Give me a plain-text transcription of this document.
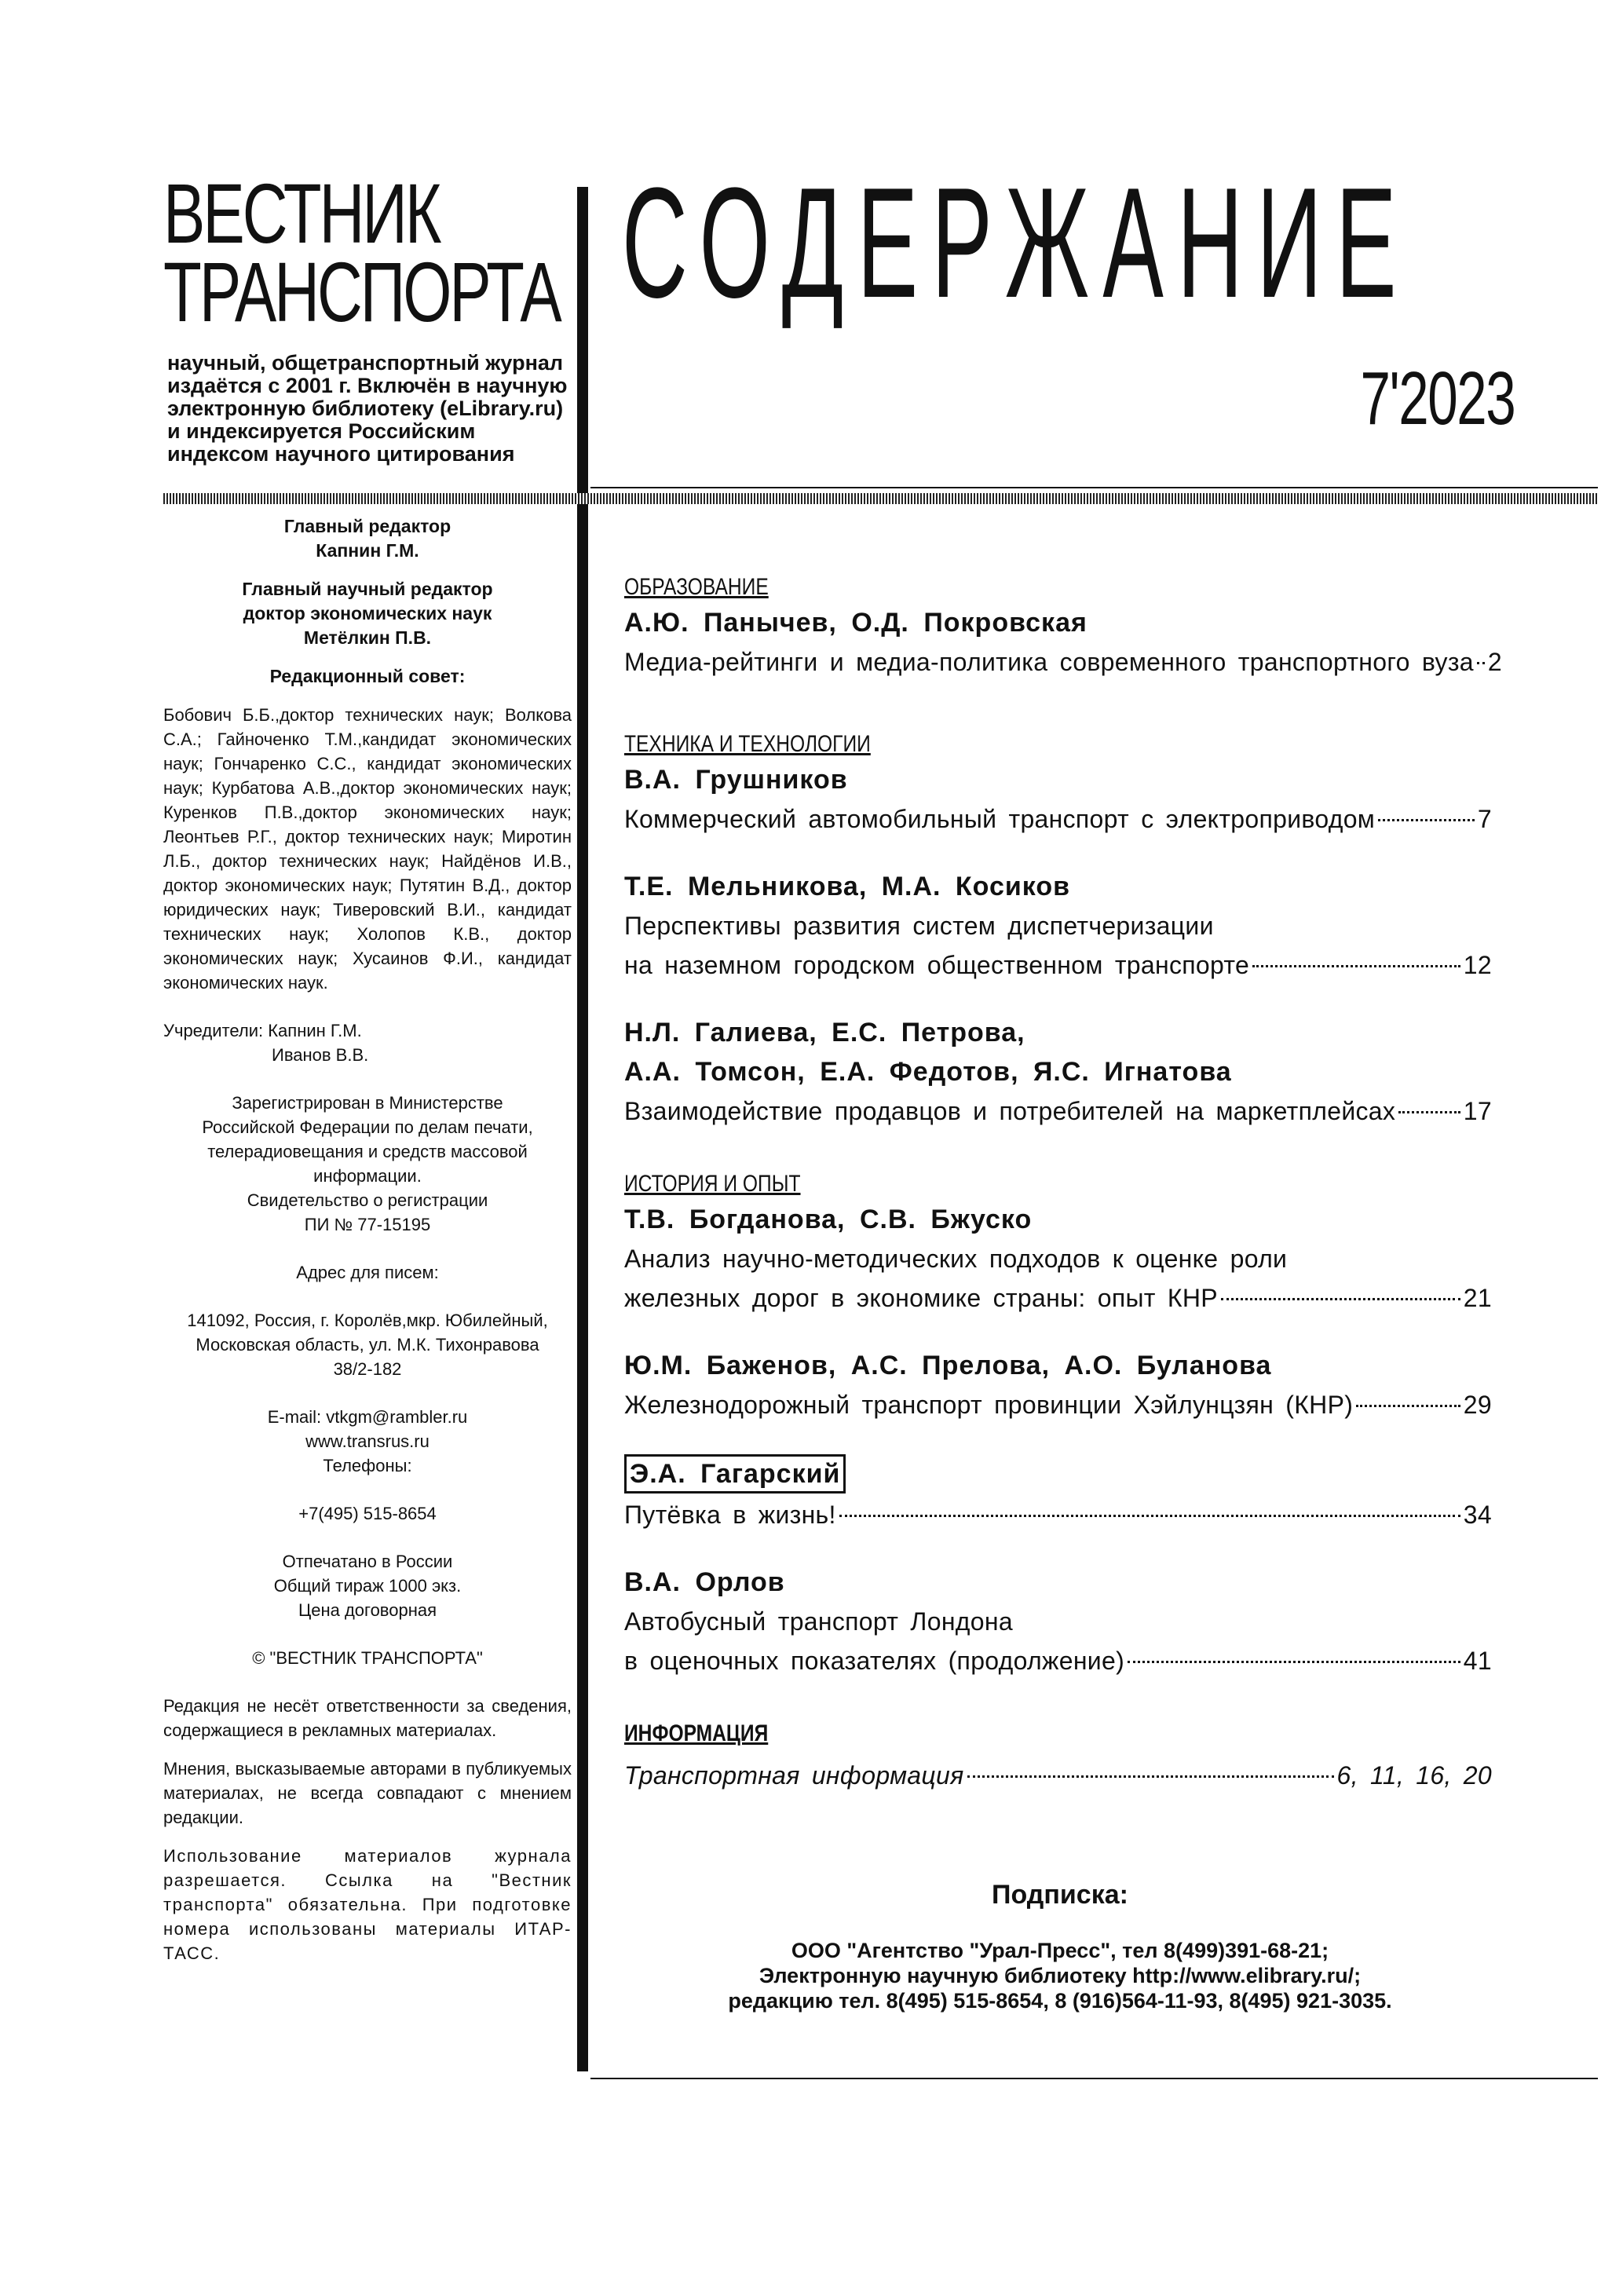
ВЕСТНИК
ТРАНСПОРТА
научный, общетранспортный журнал издаётся с 2001 г. Включён в научную электронную библиотеку (eLibrary.ru) и индексируется Российским индексом научного цитирования
СОДЕРЖАНИЕ
7'2023
Главный редактор
Капнин Г.М.
Главный научный редактор
доктор экономических наук
Метёлкин П.В.
Редакционный совет:
Бобович Б.Б.,доктор технических наук; Волкова С.А.; Гайноченко Т.М.,кандидат экономических наук; Гончаренко С.С., кандидат экономических наук; Курбатова А.В.,доктор экономических наук; Куренков П.В.,доктор экономических наук; Леонтьев Р.Г., доктор технических наук; Миротин Л.Б., доктор технических наук; Найдёнов И.В., доктор экономических наук; Путятин В.Д., доктор юридических наук; Тиверовский В.И., кандидат технических наук; Холопов К.В., доктор экономических наук; Хусаинов Ф.И., кандидат экономических наук.
Учредители: Капнин Г.М.
Иванов В.В.
Зарегистрирован в Министерстве
Российской Федерации по делам печати,
телерадиовещания и средств массовой
информации.
Свидетельство о регистрации
ПИ № 77-15195
Адрес для писем:
141092, Россия, г. Королёв,мкр. Юбилейный,
Московская область, ул. М.К. Тихонравова
38/2-182
E-mail: vtkgm@rambler.ru
www.transrus.ru
Телефоны:
+7(495) 515-8654
Отпечатано в России
Общий тираж 1000 экз.
Цена договорная
© "ВЕСТНИК ТРАНСПОРТА"
Редакция не несёт ответственности за сведения, содержащиеся в рекламных материалах.
Мнения, высказываемые авторами в публикуемых материалах, не всегда совпадают с мнением редакции.
Использование материалов журнала разрешается. Ссылка на "Вестник транспорта" обязательна. При подготовке номера использованы материалы ИТАР-ТАСС.
ОБРАЗОВАНИЕ
А.Ю. Панычев, О.Д. Покровская
Медиа-рейтинги и медиа-политика современного транспортного вуза 2
ТЕХНИКА И ТЕХНОЛОГИИ
В.А. Грушников
Коммерческий автомобильный транспорт с электроприводом	7
Т.Е. Мельникова, М.А. Косиков
Перспективы развития систем диспетчеризации
на наземном городском общественном транспорте	12
Н.Л. Галиева, Е.С. Петрова,
А.А. Томсон, Е.А. Федотов, Я.С. Игнатова
Взаимодействие продавцов и потребителей на маркетплейсах	17
ИСТОРИЯ И ОПЫТ
Т.В. Богданова, С.В. Бжуско
Анализ научно-методических подходов к оценке роли
железных дорог в экономике страны: опыт КНР	21
Ю.М. Баженов, А.С. Прелова, А.О. Буланова
Железнодорожный транспорт провинции Хэйлунцзян (КНР)	29
Э.А. Гагарский
Путёвка в жизнь!	34
В.А. Орлов
Автобусный транспорт Лондона
в оценочных показателях (продолжение)	41
ИНФОРМАЦИЯ
Транспортная информация	6, 11, 16, 20
Подписка:
ООО "Агентство "Урал-Пресс", тел 8(499)391-68-21;
Электронную научную библиотеку http://www.elibrary.ru/;
редакцию тел. 8(495) 515-8654, 8 (916)564-11-93, 8(495) 921-3035.
